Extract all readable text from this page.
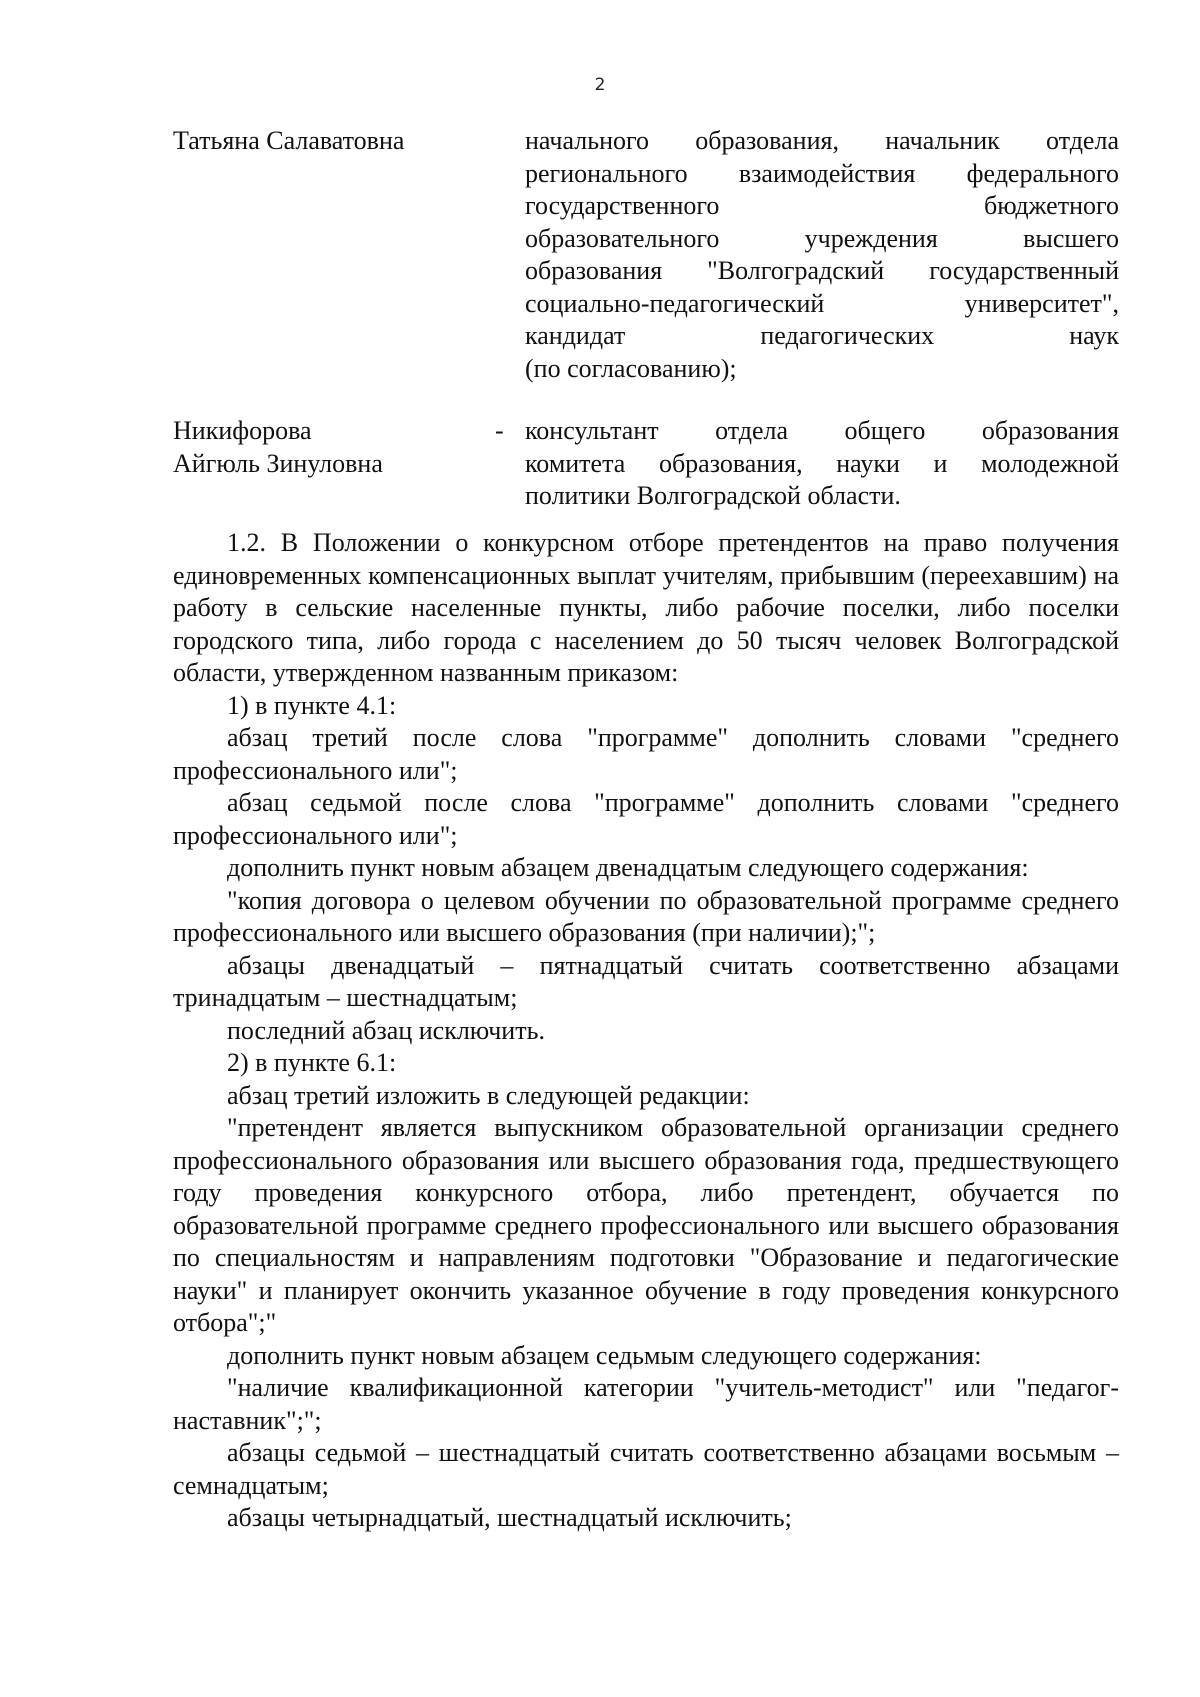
2
Татьяна Салаватовна	начального образования, начальник отдела
регионального взаимодействия федерального
государственного бюджетного
образовательного учреждения высшего
образования "Волгоградский государственный
социально-педагогический университет",
кандидат педагогических наук
(по согласованию);
Никифорова
Айгюль Зинуловна
- консультант отдела общего образования
комитета образования, науки и молодежной
политики Волгоградской области.

1.2. В Положении о конкурсном отборе претендентов на право получения единовременных компенсационных выплат учителям, прибывшим (переехавшим) на работу в сельские населенные пункты, либо рабочие поселки, либо поселки городского типа, либо города с населением до 50 тысяч человек Волгоградской области, утвержденном названным приказом:

1) в пункте 4.1:

абзац третий после слова "программе" дополнить словами "среднего профессионального или";

абзац седьмой после слова "программе" дополнить словами "среднего профессионального или";

дополнить пункт новым абзацем двенадцатым следующего содержания:

"копия договора о целевом обучении по образовательной программе среднего профессионального или высшего образования (при наличии);";

абзацы двенадцатый – пятнадцатый считать соответственно абзацами тринадцатым – шестнадцатым;

последний абзац исключить.

2) в пункте 6.1:

абзац третий изложить в следующей редакции:

"претендент является выпускником образовательной организации среднего профессионального образования или высшего образования года, предшествующего году проведения конкурсного отбора, либо претендент, обучается по образовательной программе среднего профессионального или высшего образования по специальностям и направлениям подготовки "Образование и педагогические науки" и планирует окончить указанное обучение в году проведения конкурсного отбора";"

дополнить пункт новым абзацем седьмым следующего содержания:

"наличие квалификационной категории "учитель-методист" или "педагог-наставник";";

абзацы седьмой – шестнадцатый считать соответственно абзацами восьмым – семнадцатым;

абзацы четырнадцатый, шестнадцатый исключить;
